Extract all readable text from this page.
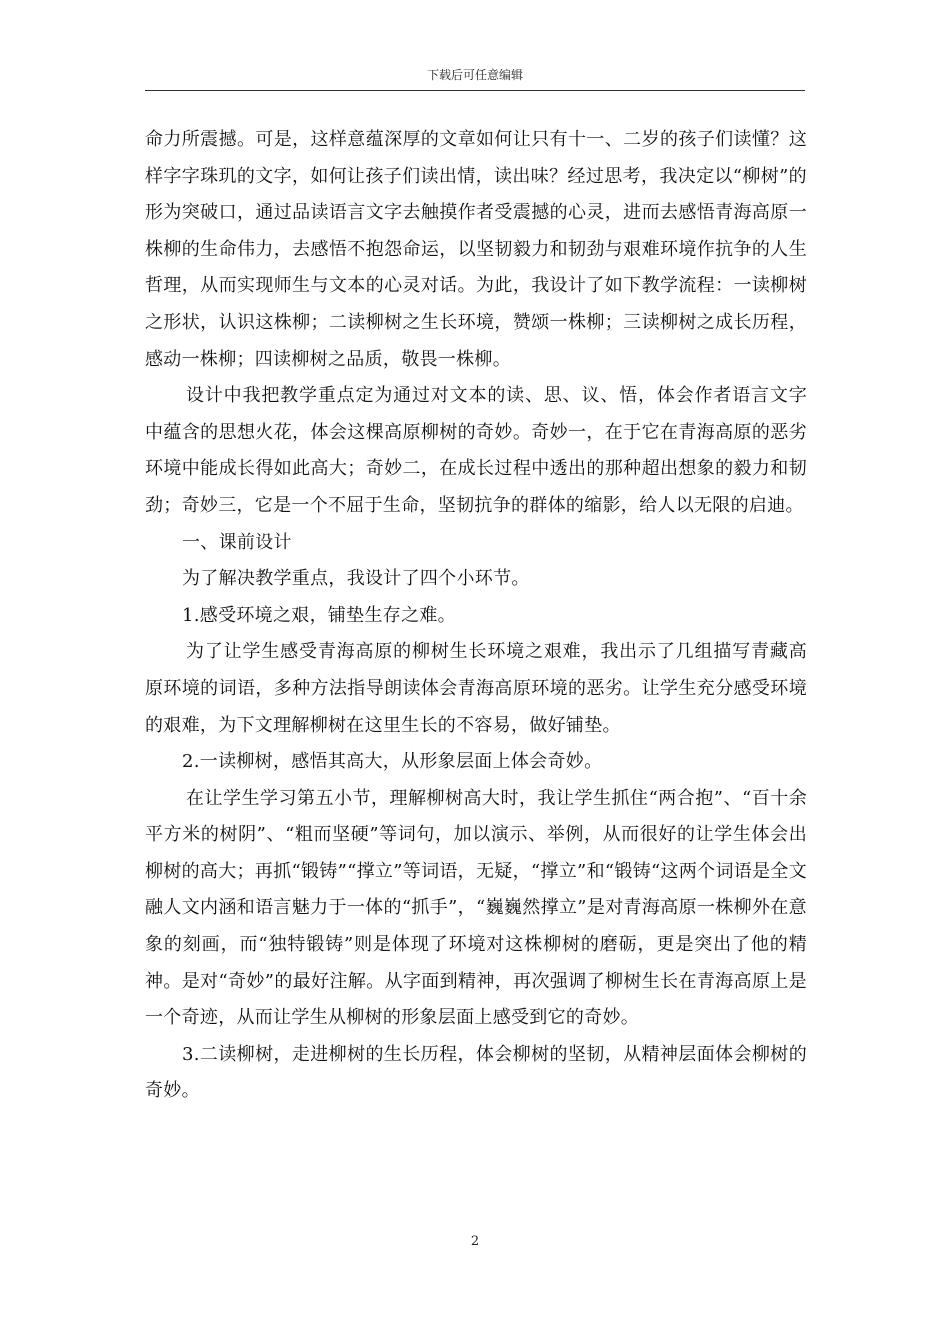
下载后可任意编辑

命力所震撼。可是，这样意蕴深厚的文章如何让只有十一、二岁的孩子们读懂？这样字字珠玑的文字，如何让孩子们读出情，读出味？经过思考，我决定以“柳树”的形为突破口，通过品读语言文字去触摸作者受震撼的心灵，进而去感悟青海高原一株柳的生命伟力，去感悟不抱怨命运，以坚韧毅力和韧劲与艰难环境作抗争的人生哲理，从而实现师生与文本的心灵对话。为此，我设计了如下教学流程：一读柳树之形状，认识这株柳；二读柳树之生长环境，赞颂一株柳；三读柳树之成长历程，感动一株柳；四读柳树之品质，敬畏一株柳。

设计中我把教学重点定为通过对文本的读、思、议、悟，体会作者语言文字中蕴含的思想火花，体会这棵高原柳树的奇妙。奇妙一，在于它在青海高原的恶劣环境中能成长得如此高大；奇妙二，在成长过程中透出的那种超出想象的毅力和韧劲；奇妙三，它是一个不屈于生命，坚韧抗争的群体的缩影，给人以无限的启迪。

一、课前设计

为了解决教学重点，我设计了四个小环节。

1.感受环境之艰，铺垫生存之难。

为了让学生感受青海高原的柳树生长环境之艰难，我出示了几组描写青藏高原环境的词语，多种方法指导朗读体会青海高原环境的恶劣。让学生充分感受环境的艰难，为下文理解柳树在这里生长的不容易，做好铺垫。

2.一读柳树，感悟其高大，从形象层面上体会奇妙。

在让学生学习第五小节，理解柳树高大时，我让学生抓住“两合抱”、“百十余平方米的树阴”、“粗而坚硬”等词句，加以演示、举例，从而很好的让学生体会出柳树的高大；再抓“锻铸”“撑立”等词语，无疑，“撑立”和“锻铸“这两个词语是全文融人文内涵和语言魅力于一体的“抓手”，“巍巍然撑立”是对青海高原一株柳外在意象的刻画，而“独特锻铸”则是体现了环境对这株柳树的磨砺，更是突出了他的精神。是对“奇妙”的最好注解。从字面到精神，再次强调了柳树生长在青海高原上是一个奇迹，从而让学生从柳树的形象层面上感受到它的奇妙。

3.二读柳树，走进柳树的生长历程，体会柳树的坚韧，从精神层面体会柳树的奇妙。

2
